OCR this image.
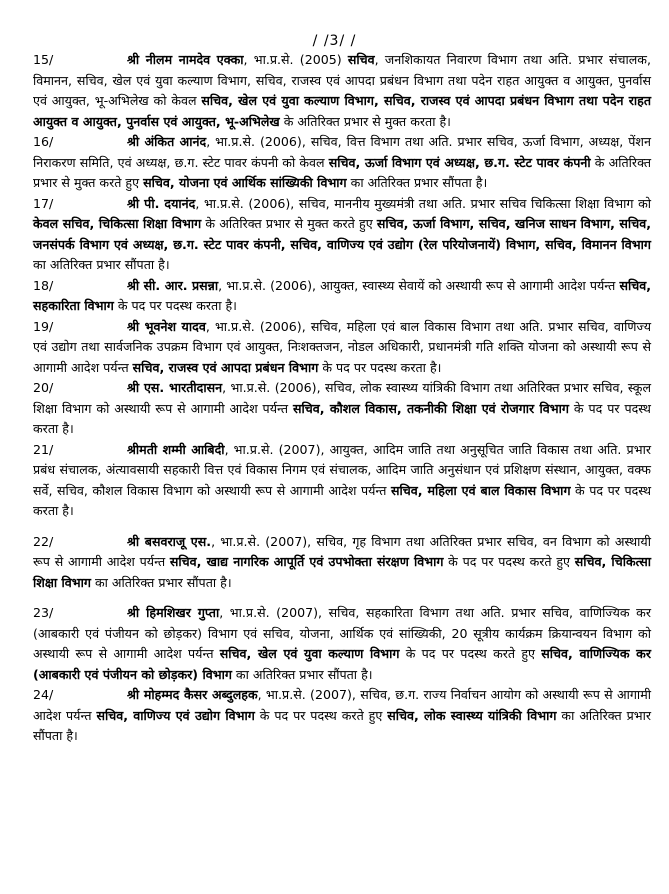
/ /3/ /
15/	श्री नीलम नामदेव एक्का, भा.प्र.से. (2005) सचिव, जनशिकायत निवारण विभाग तथा अति. प्रभार संचालक, विमानन, सचिव, खेल एवं युवा कल्याण विभाग, सचिव, राजस्व एवं आपदा प्रबंधन विभाग तथा पदेन राहत आयुक्त व आयुक्त, पुनर्वास एवं आयुक्त, भू-अभिलेख को केवल सचिव, खेल एवं युवा कल्याण विभाग, सचिव, राजस्व एवं आपदा प्रबंधन विभाग तथा पदेन राहत आयुक्त व आयुक्त, पुनर्वास एवं आयुक्त, भू-अभिलेख के अतिरिक्त प्रभार से मुक्त करता है।
16/	श्री अंकित आनंद, भा.प्र.से. (2006), सचिव, वित्त विभाग तथा अति. प्रभार सचिव, ऊर्जा विभाग, अध्यक्ष, पेंशन निराकरण समिति, एवं अध्यक्ष, छ.ग. स्टेट पावर कंपनी को केवल सचिव, ऊर्जा विभाग एवं अध्यक्ष, छ.ग. स्टेट पावर कंपनी के अतिरिक्त प्रभार से मुक्त करते हुए सचिव, योजना एवं आर्थिक सांख्यिकी विभाग का अतिरिक्त प्रभार सौंपता है।
17/	श्री पी. दयानंद, भा.प्र.से. (2006), सचिव, माननीय मुख्यमंत्री तथा अति. प्रभार सचिव चिकित्सा शिक्षा विभाग को केवल सचिव, चिकित्सा शिक्षा विभाग के अतिरिक्त प्रभार से मुक्त करते हुए सचिव, ऊर्जा विभाग, सचिव, खनिज साधन विभाग, सचिव, जनसंपर्क विभाग एवं अध्यक्ष, छ.ग. स्टेट पावर कंपनी, सचिव, वाणिज्य एवं उद्योग (रेल परियोजनायें) विभाग, सचिव, विमानन विभाग का अतिरिक्त प्रभार सौंपता है।
18/	श्री सी. आर. प्रसन्ना, भा.प्र.से. (2006), आयुक्त, स्वास्थ्य सेवायें को अस्थायी रूप से आगामी आदेश पर्यन्त सचिव, सहकारिता विभाग के पद पर पदस्थ करता है।
19/	श्री भूवनेश यादव, भा.प्र.से. (2006), सचिव, महिला एवं बाल विकास विभाग तथा अति. प्रभार सचिव, वाणिज्य एवं उद्योग तथा सार्वजनिक उपक्रम विभाग एवं आयुक्त, निःशक्तजन, नोडल अधिकारी, प्रधानमंत्री गति शक्ति योजना को अस्थायी रूप से आगामी आदेश पर्यन्त सचिव, राजस्व एवं आपदा प्रबंधन विभाग के पद पर पदस्थ करता है।
20/	श्री एस. भारतीदासन, भा.प्र.से. (2006), सचिव, लोक स्वास्थ्य यांत्रिकी विभाग तथा अतिरिक्त प्रभार सचिव, स्कूल शिक्षा विभाग को अस्थायी रूप से आगामी आदेश पर्यन्त सचिव, कौशल विकास, तकनीकी शिक्षा एवं रोजगार विभाग के पद पर पदस्थ करता है।
21/	श्रीमती शम्मी आबिदी, भा.प्र.से. (2007), आयुक्त, आदिम जाति तथा अनुसूचित जाति विकास तथा अति. प्रभार प्रबंध संचालक, अंत्यावसायी सहकारी वित्त एवं विकास निगम एवं संचालक, आदिम जाति अनुसंधान एवं प्रशिक्षण संस्थान, आयुक्त, वक्फ सर्वे, सचिव, कौशल विकास विभाग को अस्थायी रूप से आगामी आदेश पर्यन्त सचिव, महिला एवं बाल विकास विभाग के पद पर पदस्थ करता है।
22/	श्री बसवराजू एस., भा.प्र.से. (2007), सचिव, गृह विभाग तथा अतिरिक्त प्रभार सचिव, वन विभाग को अस्थायी रूप से आगामी आदेश पर्यन्त सचिव, खाद्य नागरिक आपूर्ति एवं उपभोक्ता संरक्षण विभाग के पद पर पदस्थ करते हुए सचिव, चिकित्सा शिक्षा विभाग का अतिरिक्त प्रभार सौंपता है।
23/	श्री हिमशिखर गुप्ता, भा.प्र.से. (2007), सचिव, सहकारिता विभाग तथा अति. प्रभार सचिव, वाणिज्यिक कर (आबकारी एवं पंजीयन को छोड़कर) विभाग एवं सचिव, योजना, आर्थिक एवं सांख्यिकी, 20 सूत्रीय कार्यक्रम क्रियान्वयन विभाग को अस्थायी रूप से आगामी आदेश पर्यन्त सचिव, खेल एवं युवा कल्याण विभाग के पद पर पदस्थ करते हुए सचिव, वाणिज्यिक कर (आबकारी एवं पंजीयन को छोड़कर) विभाग का अतिरिक्त प्रभार सौंपता है।
24/	श्री मोहम्मद कैसर अब्दुलहक, भा.प्र.से. (2007), सचिव, छ.ग. राज्य निर्वाचन आयोग को अस्थायी रूप से आगामी आदेश पर्यन्त सचिव, वाणिज्य एवं उद्योग विभाग के पद पर पदस्थ करते हुए सचिव, लोक स्वास्थ्य यांत्रिकी विभाग का अतिरिक्त प्रभार सौंपता है।
